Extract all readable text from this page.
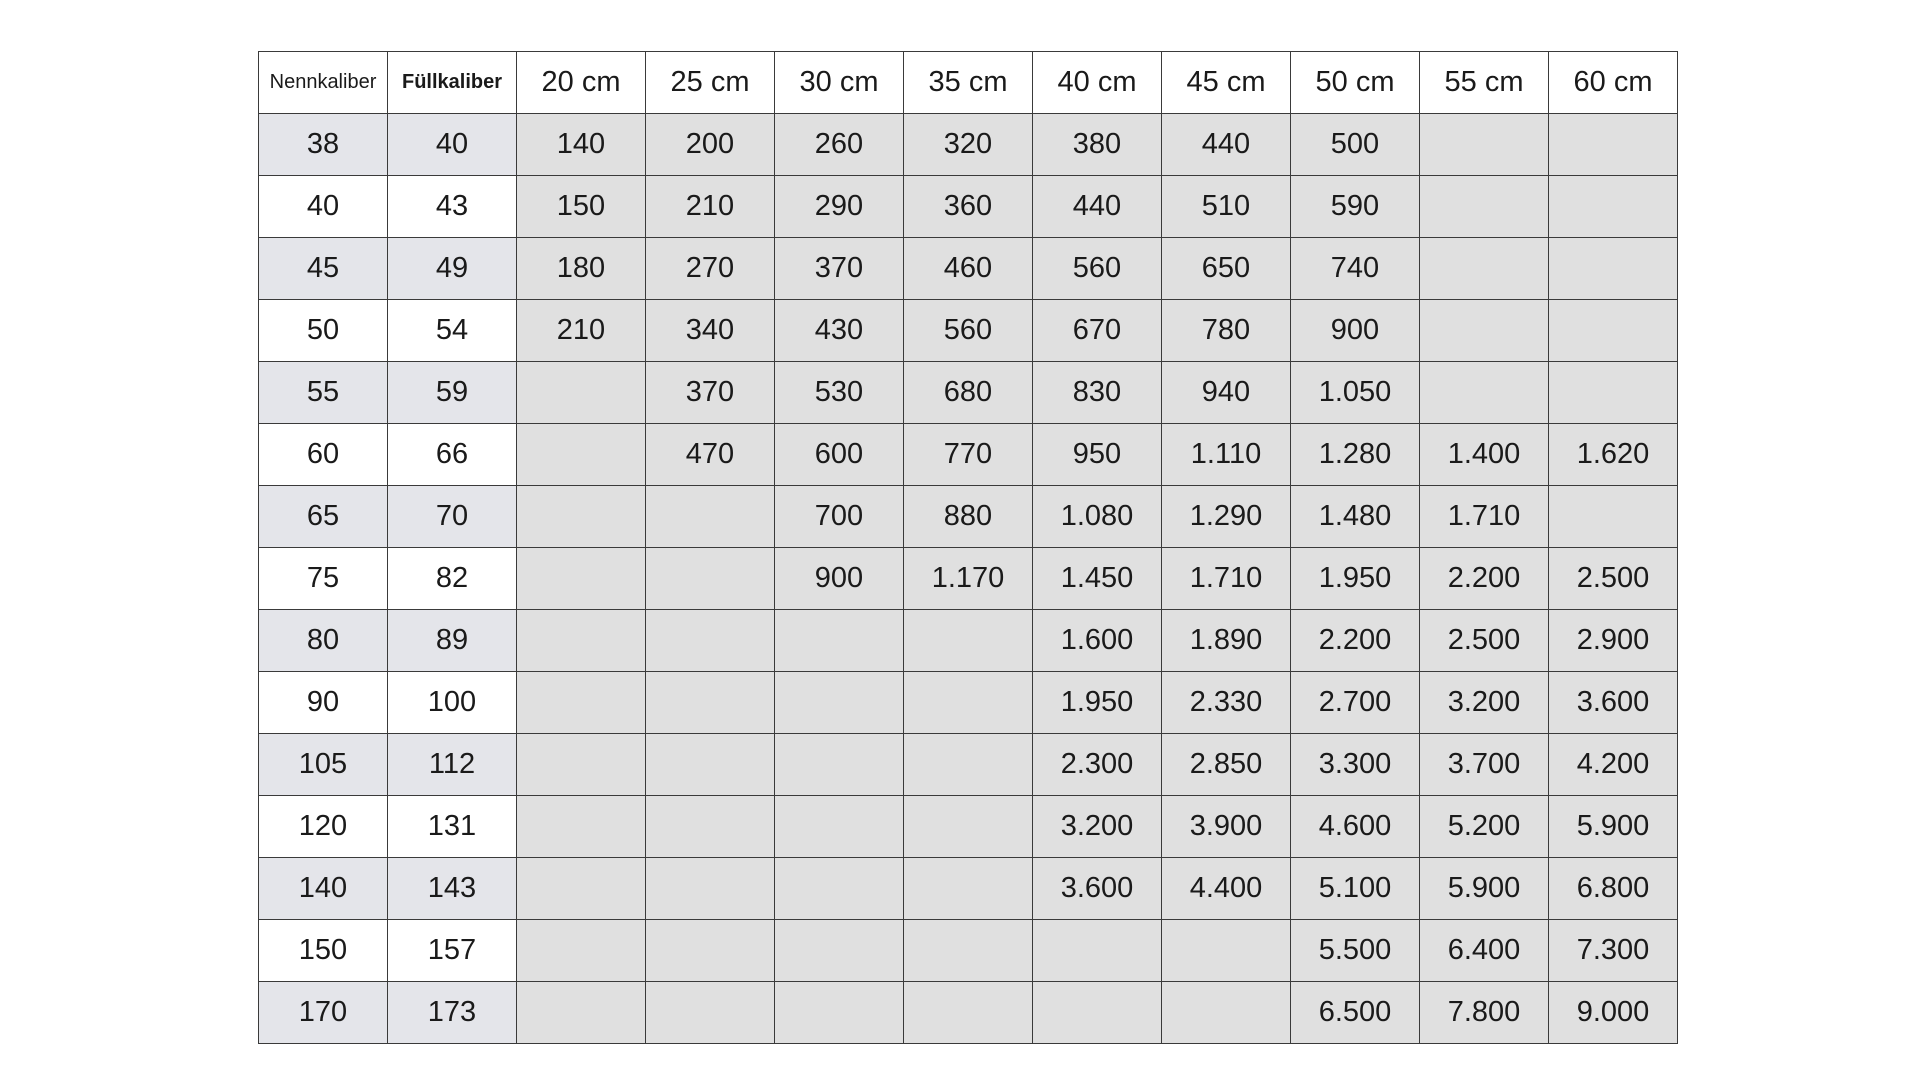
Nennkaliber	Füllkaliber	20 cm	25 cm	30 cm	35 cm	40 cm	45 cm	50 cm	55 cm	60 cm
38	40	140	200	260	320	380	440	500		
40	43	150	210	290	360	440	510	590		
45	49	180	270	370	460	560	650	740		
50	54	210	340	430	560	670	780	900		
55	59		370	530	680	830	940	1.050		
60	66		470	600	770	950	1.110	1.280	1.400	1.620
65	70			700	880	1.080	1.290	1.480	1.710	
75	82			900	1.170	1.450	1.710	1.950	2.200	2.500
80	89					1.600	1.890	2.200	2.500	2.900
90	100					1.950	2.330	2.700	3.200	3.600
105	112					2.300	2.850	3.300	3.700	4.200
120	131					3.200	3.900	4.600	5.200	5.900
140	143					3.600	4.400	5.100	5.900	6.800
150	157							5.500	6.400	7.300
170	173							6.500	7.800	9.000
